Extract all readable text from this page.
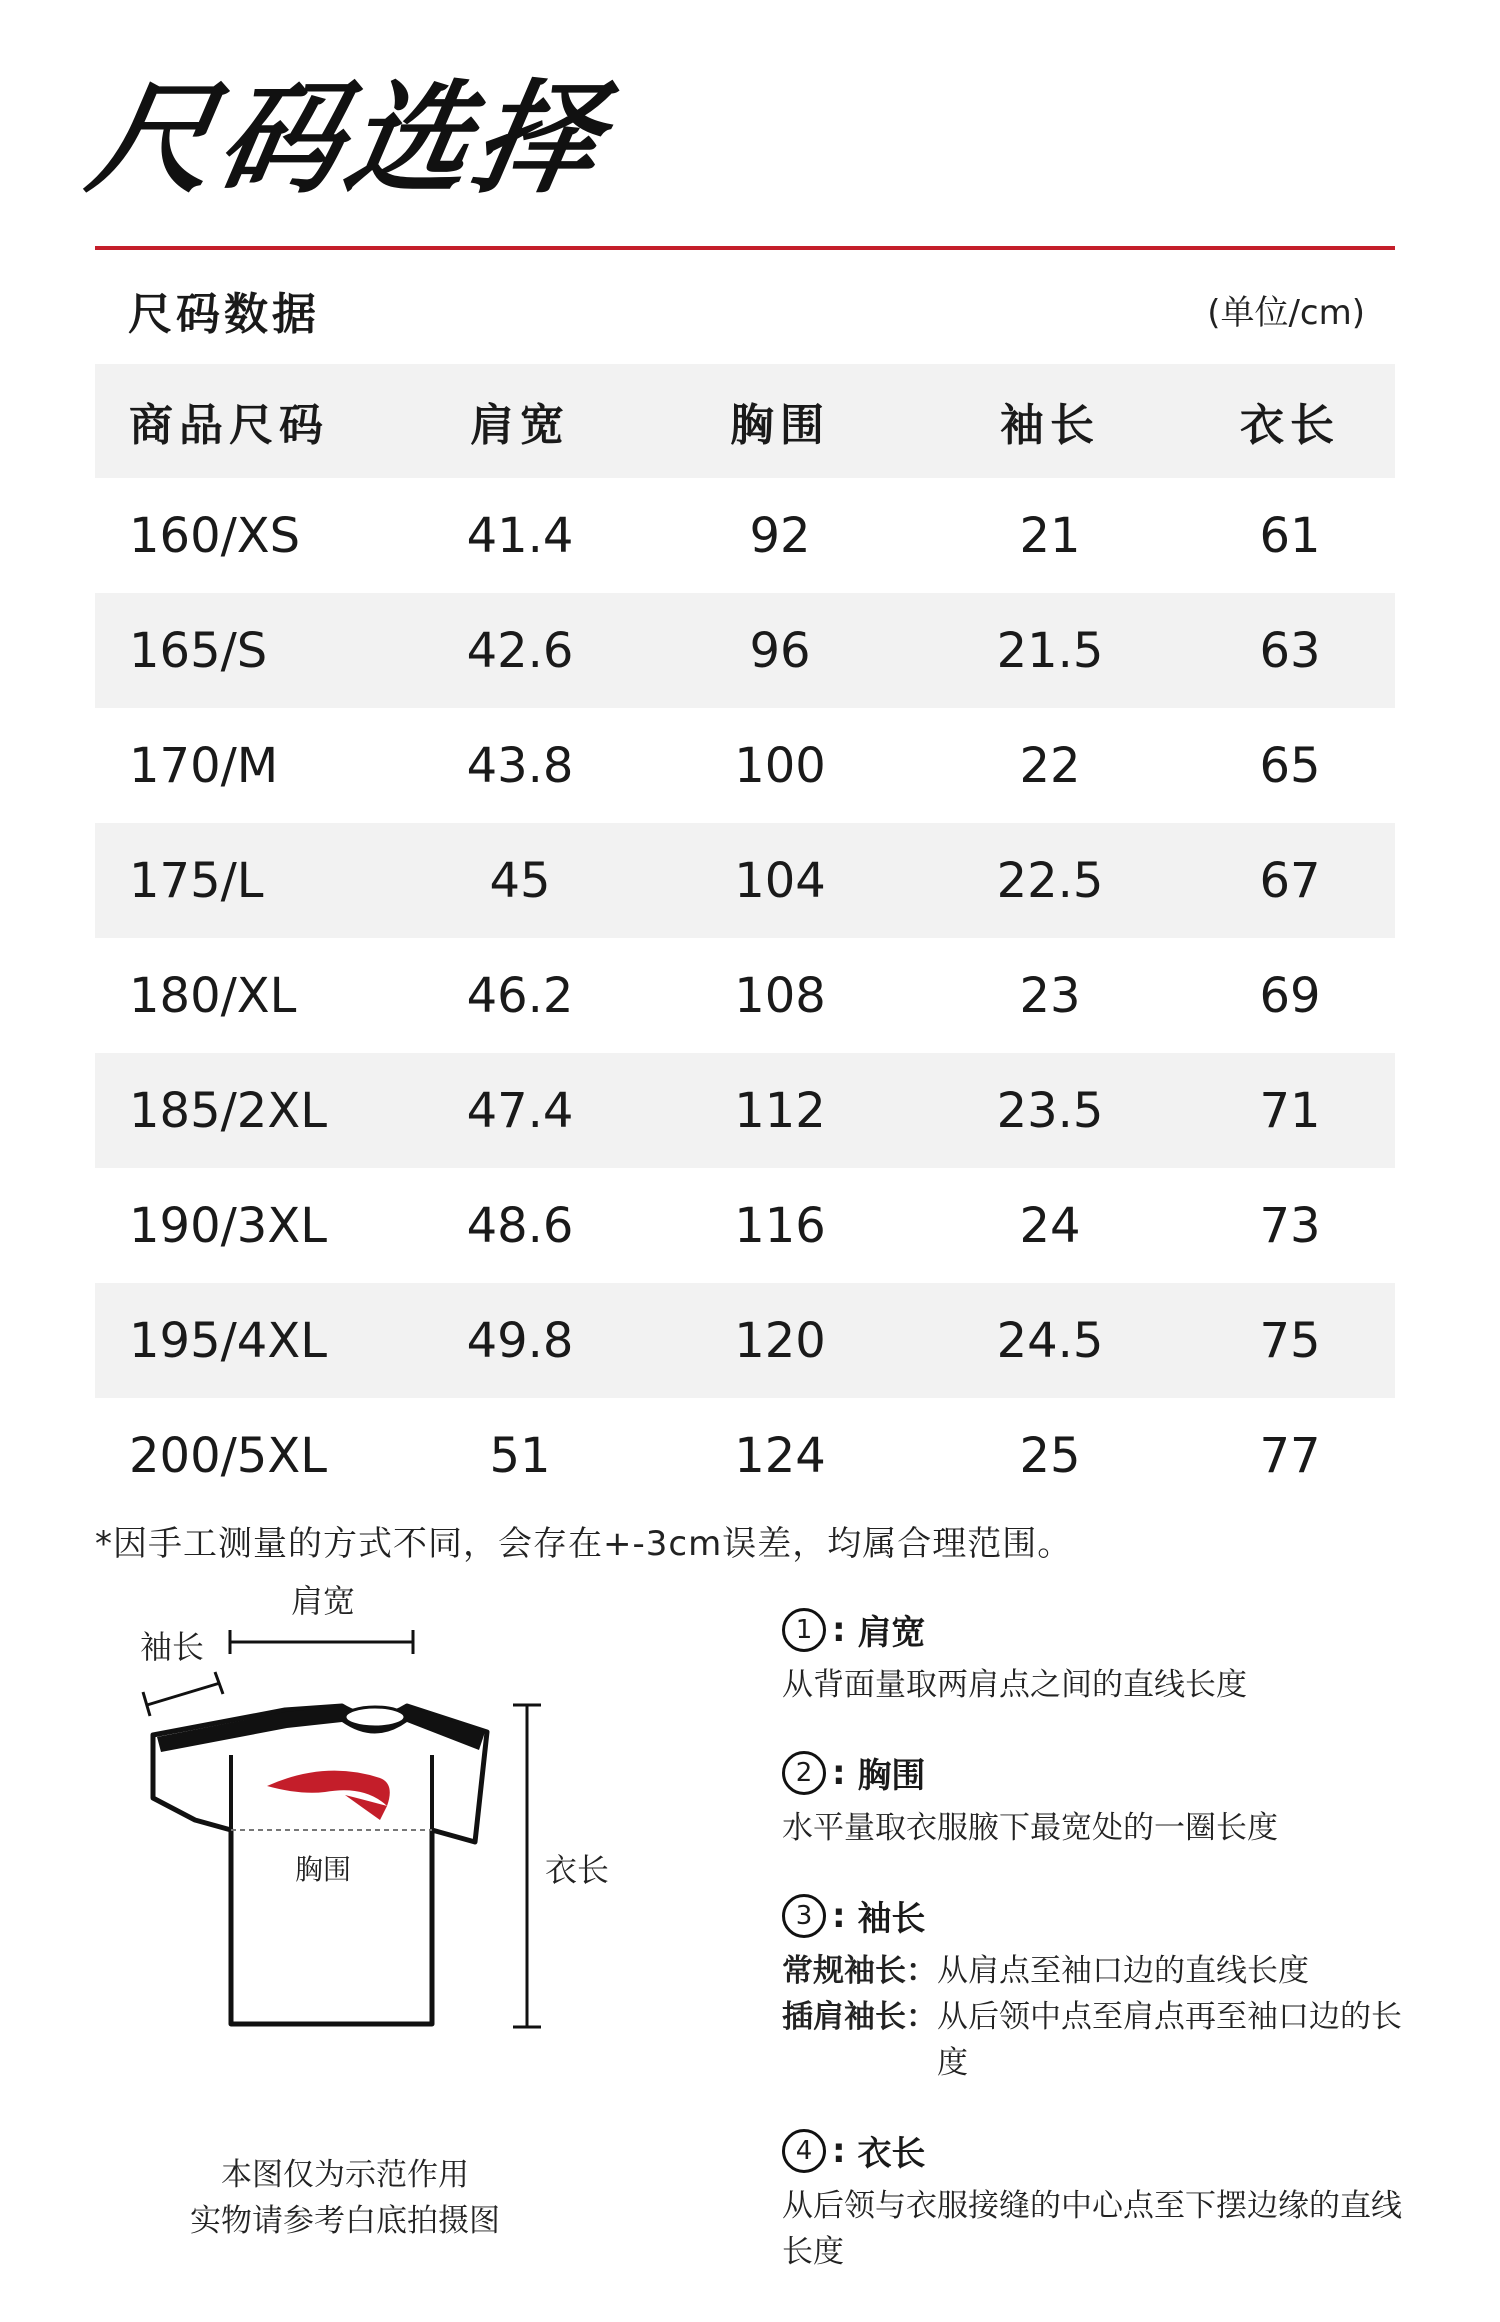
尺码选择
尺码数据	(单位/cm)
商品尺码	肩宽	胸围	袖长	衣长
160/XS	41.4	92	21	61
165/S	42.6	96	21.5	63
170/M	43.8	100	22	65
175/L	45	104	22.5	67
180/XL	46.2	108	23	69
185/2XL	47.4	112	23.5	71
190/3XL	48.6	116	24	73
195/4XL	49.8	120	24.5	75
200/5XL	51	124	25	77
*因手工测量的方式不同，会存在+-3cm误差，均属合理范围。
肩宽
袖长
胸围	衣长
本图仅为示范作用
实物请参考白底拍摄图
1 : 肩宽
从背面量取两肩点之间的直线长度
2 : 胸围
水平量取衣服腋下最宽处的一圈长度
3 : 袖长
常规袖长： 从肩点至袖口边的直线长度
插肩袖长： 从后领中点至肩点再至袖口边的长度
4 : 衣长
从后领与衣服接缝的中心点至下摆边缘的直线长度
